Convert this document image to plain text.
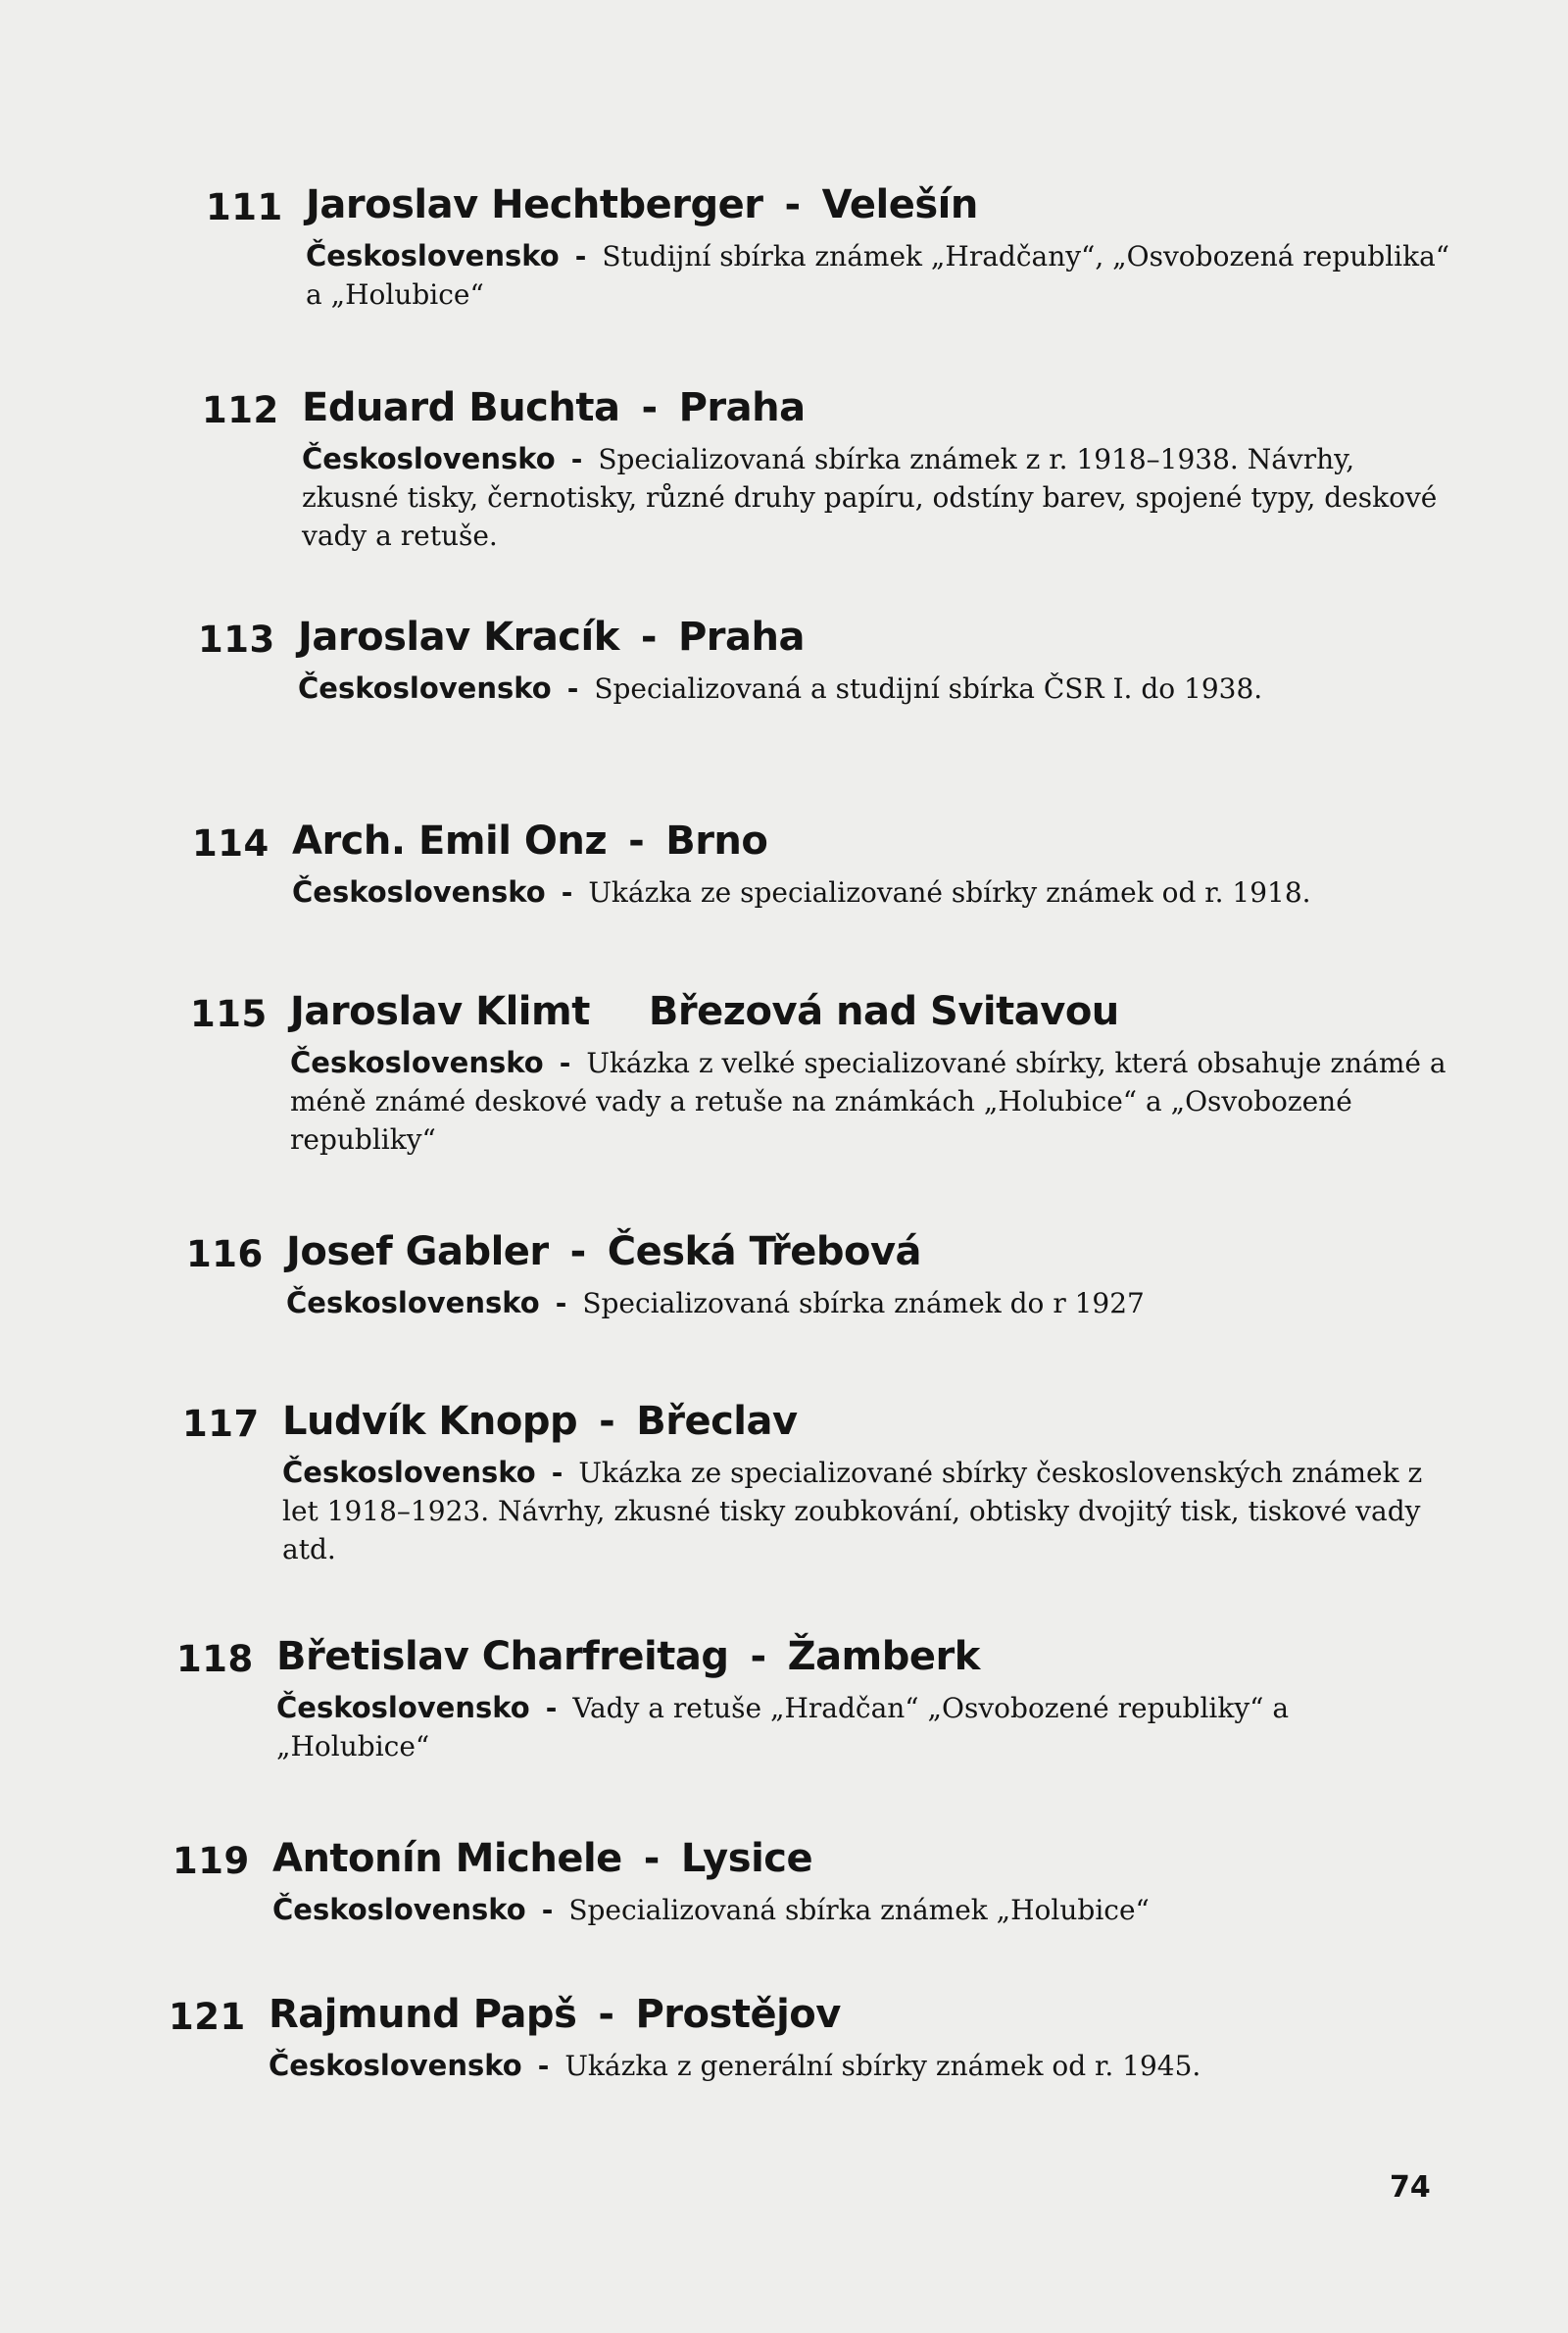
111 Jaroslav Hechtberger - Velešín
Československo - Studijní sbírka známek „Hradčany“, „Osvobozená republika“ a „Holubice“
112 Eduard Buchta - Praha
Československo - Specializovaná sbírka známek z r. 1918–1938. Návrhy, zkusné tisky, černotisky, různé druhy papíru, odstíny barev, spojené typy, deskové vady a retuše.
113 Jaroslav Kracík - Praha
Československo - Specializovaná a studijní sbírka ČSR I. do 1938.
114 Arch. Emil Onz - Brno
Československo - Ukázka ze specializované sbírky známek od r. 1918.
115 Jaroslav Klimt Březová nad Svitavou
Československo - Ukázka z velké specializované sbírky, která obsahuje známé a méně známé deskové vady a retuše na známkách „Holubice“ a „Osvobozené republiky“
116 Josef Gabler - Česká Třebová
Československo - Specializovaná sbírka známek do r 1927
117 Ludvík Knopp - Břeclav
Československo - Ukázka ze specializované sbírky československých známek z let 1918–1923. Návrhy, zkusné tisky zoubkování, obtisky dvojitý tisk, tiskové vady atd.
118 Břetislav Charfreitag - Žamberk
Československo - Vady a retuše „Hradčan“ „Osvobozené republiky“ a „Holubice“
119 Antonín Michele - Lysice
Československo - Specializovaná sbírka známek „Holubice“
121 Rajmund Papš - Prostějov
Československo - Ukázka z generální sbírky známek od r. 1945.
74
